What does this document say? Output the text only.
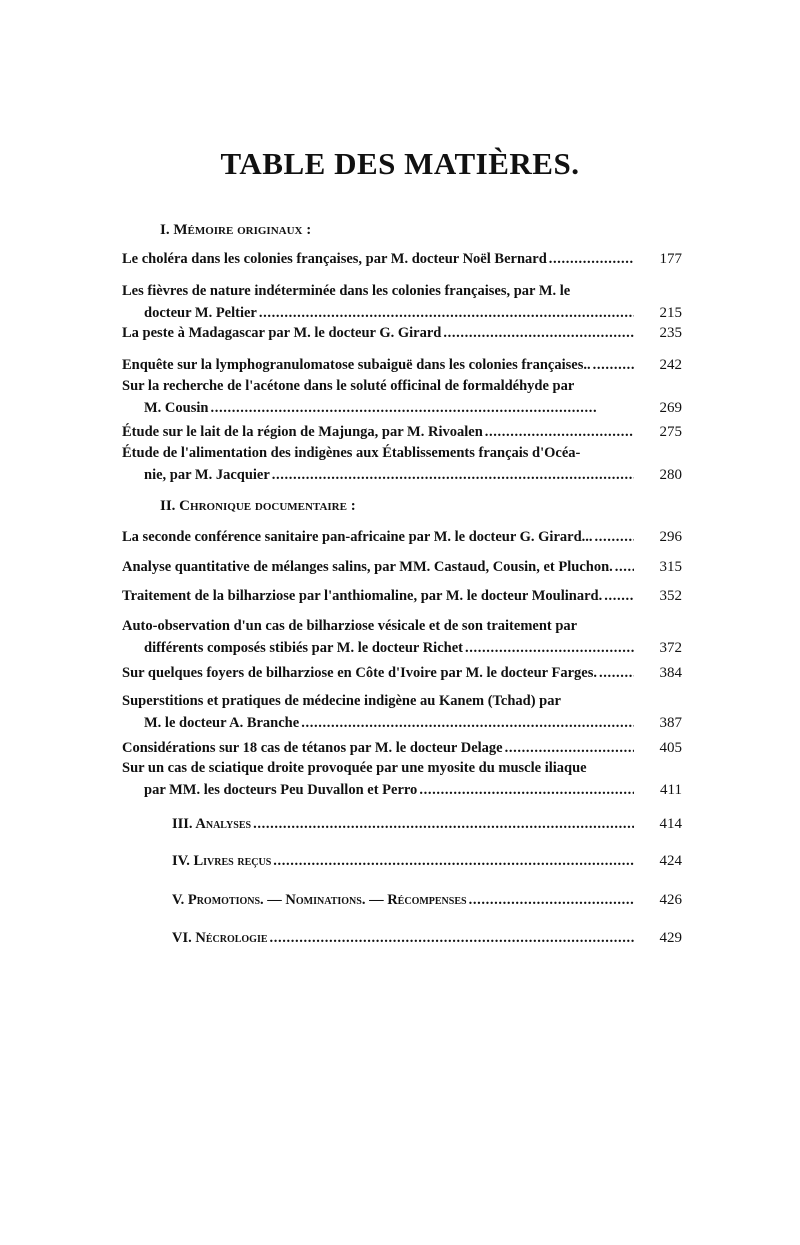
TABLE DES MATIÈRES.
I. Mémoire originaux :
Le choléra dans les colonies françaises, par M. docteur Noël Bernard . . .	177
Les fièvres de nature indéterminée dans les colonies françaises, par M. le
docteur M. Peltier . . .	215
La peste à Madagascar par M. le docteur G. Girard . . .	235
Enquête sur la lymphogranulomatose subaiguë dans les colonies françaises.. . . .	242
Sur la recherche de l'acétone dans le soluté officinal de formaldéhyde par
M. Cousin . . .	269
Étude sur le lait de la région de Majunga, par M. Rivoalen . . .	275
Étude de l'alimentation des indigènes aux Établissements français d'Océa-
nie, par M. Jacquier . . .	280
II. Chronique documentaire :
La seconde conférence sanitaire pan-africaine par M. le docteur G. Girard... . . .	296
Analyse quantitative de mélanges salins, par MM. Castaud, Cousin, et Pluchon. . . .	315
Traitement de la bilharziose par l'anthiomaline, par M. le docteur Moulinard. . . .	352
Auto-observation d'un cas de bilharziose vésicale et de son traitement par
différents composés stibiés par M. le docteur Richet . . .	372
Sur quelques foyers de bilharziose en Côte d'Ivoire par M. le docteur Farges. . . .	384
Superstitions et pratiques de médecine indigène au Kanem (Tchad) par
M. le docteur A. Branche . . .	387
Considérations sur 18 cas de tétanos par M. le docteur Delage . . .	405
Sur un cas de sciatique droite provoquée par une myosite du muscle iliaque
par MM. les docteurs Peu Duvallon et Perro . . .	411
III. Analyses . . .	414
IV. Livres reçus . . .	424
V. Promotions. — Nominations. — Récompenses . . .	426
VI. Nécrologie . . .	429
